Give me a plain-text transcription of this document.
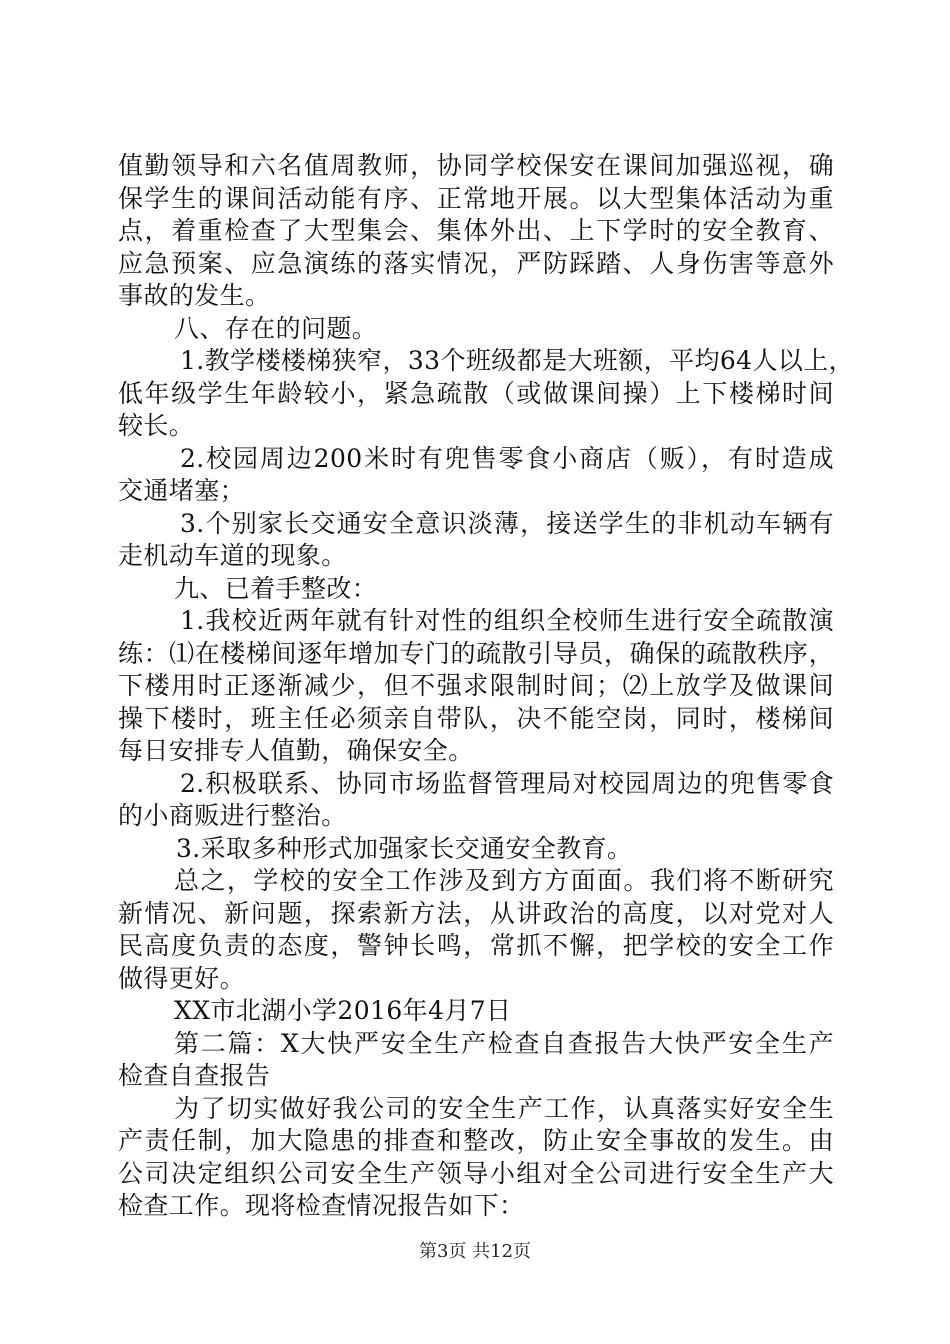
值勤领导和六名值周教师，协同学校保安在课间加强巡视，确
保学生的课间活动能有序、正常地开展。以大型集体活动为重
点，着重检查了大型集会、集体外出、上下学时的安全教育、
应急预案、应急演练的落实情况，严防踩踏、人身伤害等意外
事故的发生。
八、存在的问题。
1.教学楼楼梯狭窄，33个班级都是大班额，平均64人以上，
低年级学生年龄较小，紧急疏散（或做课间操）上下楼梯时间
较长。
2.校园周边200米时有兜售零食小商店（贩），有时造成
交通堵塞；
3.个别家长交通安全意识淡薄，接送学生的非机动车辆有
走机动车道的现象。
九、已着手整改：
1.我校近两年就有针对性的组织全校师生进行安全疏散演
练：⑴在楼梯间逐年增加专门的疏散引导员，确保的疏散秩序，
下楼用时正逐渐减少，但不强求限制时间；⑵上放学及做课间
操下楼时，班主任必须亲自带队，决不能空岗，同时，楼梯间
每日安排专人值勤，确保安全。
2.积极联系、协同市场监督管理局对校园周边的兜售零食
的小商贩进行整治。
3.采取多种形式加强家长交通安全教育。
总之，学校的安全工作涉及到方方面面。我们将不断研究
新情况、新问题，探索新方法，从讲政治的高度，以对党对人
民高度负责的态度，警钟长鸣，常抓不懈，把学校的安全工作
做得更好。
XX市北湖小学2016年4月7日
第二篇：X大快严安全生产检查自查报告大快严安全生产
检查自查报告
为了切实做好我公司的安全生产工作，认真落实好安全生
产责任制，加大隐患的排查和整改，防止安全事故的发生。由
公司决定组织公司安全生产领导小组对全公司进行安全生产大
检查工作。现将检查情况报告如下：
第3页 共12页
